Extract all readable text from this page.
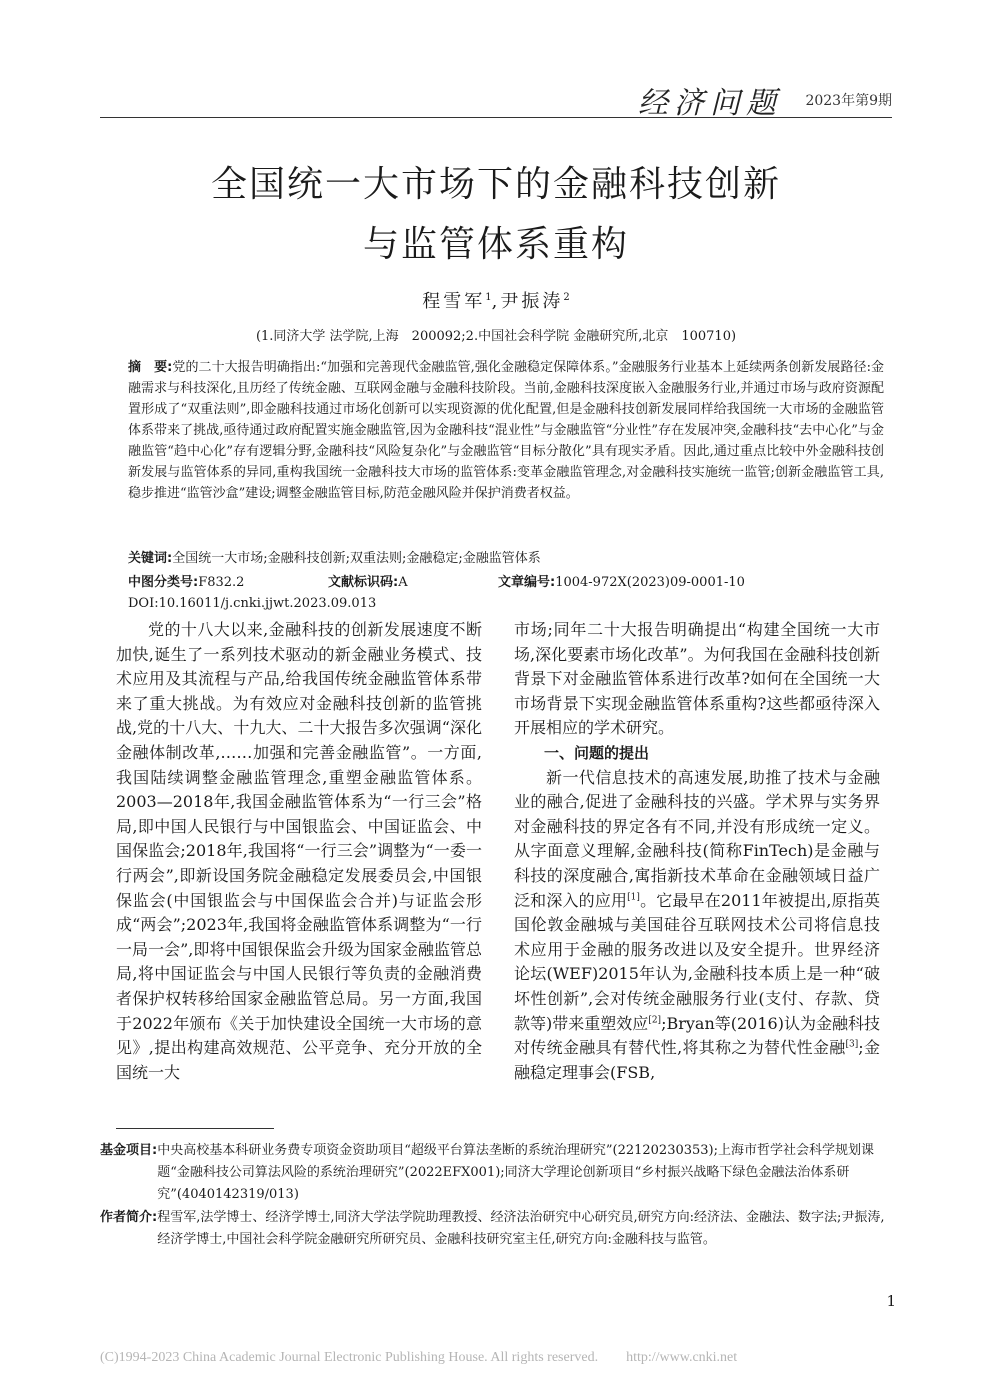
经济问题 2023年第9期
全国统一大市场下的金融科技创新
与监管体系重构
程雪军$^1$,尹振涛$^2$
(1.同济大学 法学院,上海　200092;2.中国社会科学院 金融研究所,北京　100710)
摘　要:党的二十大报告明确指出:“加强和完善现代金融监管,强化金融稳定保障体系。”金融服务行业基本上延续两条创新发展路径:金融需求与科技深化,且历经了传统金融、互联网金融与金融科技阶段。当前,金融科技深度嵌入金融服务行业,并通过市场与政府资源配置形成了“双重法则”,即金融科技通过市场化创新可以实现资源的优化配置,但是金融科技创新发展同样给我国统一大市场的金融监管体系带来了挑战,亟待通过政府配置实施金融监管,因为金融科技“混业性”与金融监管“分业性”存在发展冲突,金融科技“去中心化”与金融监管“趋中心化”存有逻辑分野,金融科技“风险复杂化”与金融监管“目标分散化”具有现实矛盾。因此,通过重点比较中外金融科技创新发展与监管体系的异同,重构我国统一金融科技大市场的监管体系:变革金融监管理念,对金融科技实施统一监管;创新金融监管工具,稳步推进“监管沙盒”建设;调整金融监管目标,防范金融风险并保护消费者权益。
关键词:全国统一大市场;金融科技创新;双重法则;金融稳定;金融监管体系
中图分类号:F832.2	文献标识码:A	文章编号:1004-972X(2023)09-0001-10
DOI:10.16011/j.cnki.jjwt.2023.09.013

党的十八大以来,金融科技的创新发展速度不断加快,诞生了一系列技术驱动的新金融业务模式、技术应用及其流程与产品,给我国传统金融监管体系带来了重大挑战。为有效应对金融科技创新的监管挑战,党的十八大、十九大、二十大报告多次强调“深化金融体制改革,……加强和完善金融监管”。一方面,我国陆续调整金融监管理念,重塑金融监管体系。2003—2018年,我国金融监管体系为“一行三会”格局,即中国人民银行与中国银监会、中国证监会、中国保监会;2018年,我国将“一行三会”调整为“一委一行两会”,即新设国务院金融稳定发展委员会,中国银保监会(中国银监会与中国保监会合并)与证监会形成“两会”;2023年,我国将金融监管体系调整为“一行一局一会”,即将中国银保监会升级为国家金融监管总局,将中国证监会与中国人民银行等负责的金融消费者保护权转移给国家金融监管总局。另一方面,我国于2022年颁布《关于加快建设全国统一大市场的意见》,提出构建高效规范、公平竞争、充分开放的全国统一大

市场;同年二十大报告明确提出“构建全国统一大市场,深化要素市场化改革”。为何我国在金融科技创新背景下对金融监管体系进行改革?如何在全国统一大市场背景下实现金融监管体系重构?这些都亟待深入开展相应的学术研究。

一、问题的提出

新一代信息技术的高速发展,助推了技术与金融业的融合,促进了金融科技的兴盛。学术界与实务界对金融科技的界定各有不同,并没有形成统一定义。从字面意义理解,金融科技(简称FinTech)是金融与科技的深度融合,寓指新技术革命在金融领域日益广泛和深入的应用[1]。它最早在2011年被提出,原指英国伦敦金融城与美国硅谷互联网技术公司将信息技术应用于金融的服务改进以及安全提升。世界经济论坛(WEF)2015年认为,金融科技本质上是一种“破坏性创新”,会对传统金融服务行业(支付、存款、贷款等)带来重塑效应[2];Bryan等(2016)认为金融科技对传统金融具有替代性,将其称之为替代性金融[3];金融稳定理事会(FSB,

基金项目: 中央高校基本科研业务费专项资金资助项目“超级平台算法垄断的系统治理研究”(22120230353);上海市哲学社会科学规划课题“金融科技公司算法风险的系统治理研究”(2022EFX001);同济大学理论创新项目“乡村振兴战略下绿色金融法治体系研究”(4040142319/013)
作者简介: 程雪军,法学博士、经济学博士,同济大学法学院助理教授、经济法治研究中心研究员,研究方向:经济法、金融法、数字法;尹振涛,经济学博士,中国社会科学院金融研究所研究员、金融科技研究室主任,研究方向:金融科技与监管。
1
(C)1994-2023 China Academic Journal Electronic Publishing House. All rights reserved.　　http://www.cnki.net
